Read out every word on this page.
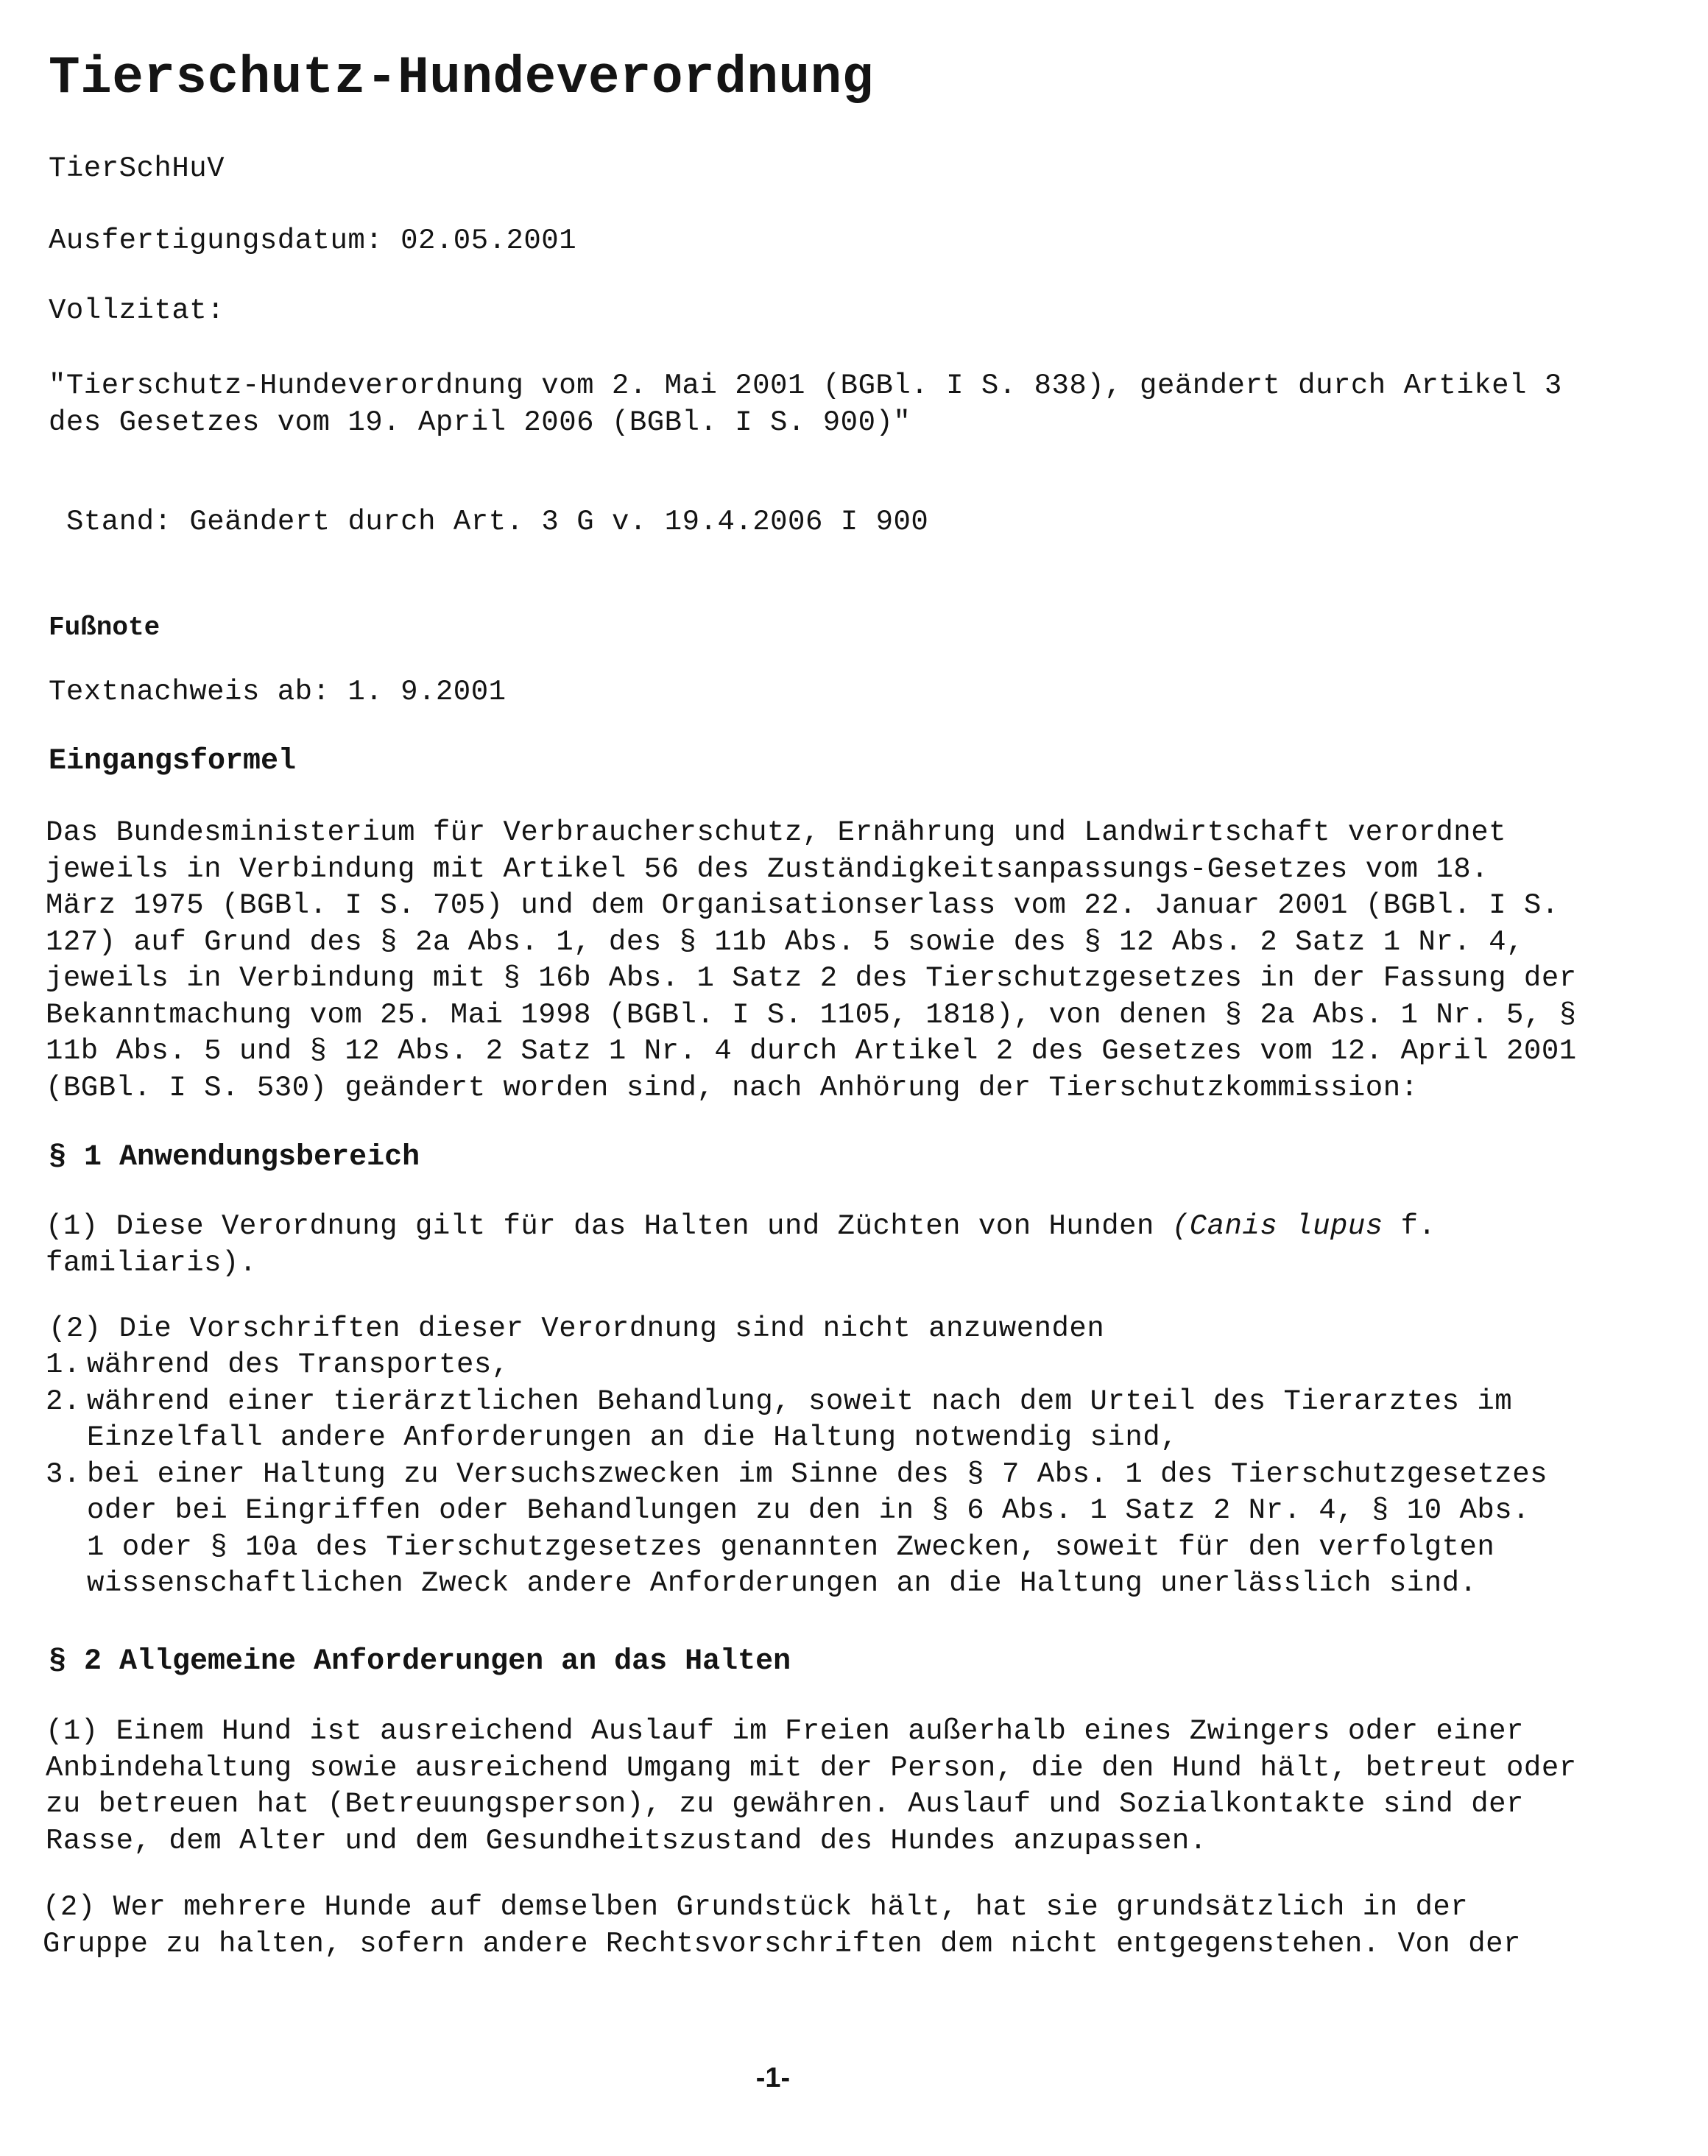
Tierschutz-Hundeverordnung

TierSchHuV

Ausfertigungsdatum: 02.05.2001

Vollzitat:

"Tierschutz-Hundeverordnung vom 2. Mai 2001 (BGBl. I S. 838), geändert durch Artikel 3
des Gesetzes vom 19. April 2006 (BGBl. I S. 900)"

Stand: Geändert durch Art. 3 G v. 19.4.2006 I 900

Fußnote

Textnachweis ab: 1. 9.2001

Eingangsformel

Das Bundesministerium für Verbraucherschutz, Ernährung und Landwirtschaft verordnet
jeweils in Verbindung mit Artikel 56 des Zuständigkeitsanpassungs-Gesetzes vom 18.
März 1975 (BGBl. I S. 705) und dem Organisationserlass vom 22. Januar 2001 (BGBl. I S.
127) auf Grund des § 2a Abs. 1, des § 11b Abs. 5 sowie des § 12 Abs. 2 Satz 1 Nr. 4,
jeweils in Verbindung mit § 16b Abs. 1 Satz 2 des Tierschutzgesetzes in der Fassung der
Bekanntmachung vom 25. Mai 1998 (BGBl. I S. 1105, 1818), von denen § 2a Abs. 1 Nr. 5, §
11b Abs. 5 und § 12 Abs. 2 Satz 1 Nr. 4 durch Artikel 2 des Gesetzes vom 12. April 2001
(BGBl. I S. 530) geändert worden sind, nach Anhörung der Tierschutzkommission:

§ 1 Anwendungsbereich

(1) Diese Verordnung gilt für das Halten und Züchten von Hunden (Canis lupus f.
familiaris).

(2) Die Vorschriften dieser Verordnung sind nicht anzuwenden

1. während des Transportes,
2. während einer tierärztlichen Behandlung, soweit nach dem Urteil des Tierarztes im
Einzelfall andere Anforderungen an die Haltung notwendig sind,
3. bei einer Haltung zu Versuchszwecken im Sinne des § 7 Abs. 1 des Tierschutzgesetzes
oder bei Eingriffen oder Behandlungen zu den in § 6 Abs. 1 Satz 2 Nr. 4, § 10 Abs.
1 oder § 10a des Tierschutzgesetzes genannten Zwecken, soweit für den verfolgten
wissenschaftlichen Zweck andere Anforderungen an die Haltung unerlässlich sind.

§ 2 Allgemeine Anforderungen an das Halten

(1) Einem Hund ist ausreichend Auslauf im Freien außerhalb eines Zwingers oder einer
Anbindehaltung sowie ausreichend Umgang mit der Person, die den Hund hält, betreut oder
zu betreuen hat (Betreuungsperson), zu gewähren. Auslauf und Sozialkontakte sind der
Rasse, dem Alter und dem Gesundheitszustand des Hundes anzupassen.
(2) Wer mehrere Hunde auf demselben Grundstück hält, hat sie grundsätzlich in der
Gruppe zu halten, sofern andere Rechtsvorschriften dem nicht entgegenstehen. Von der
-1-
